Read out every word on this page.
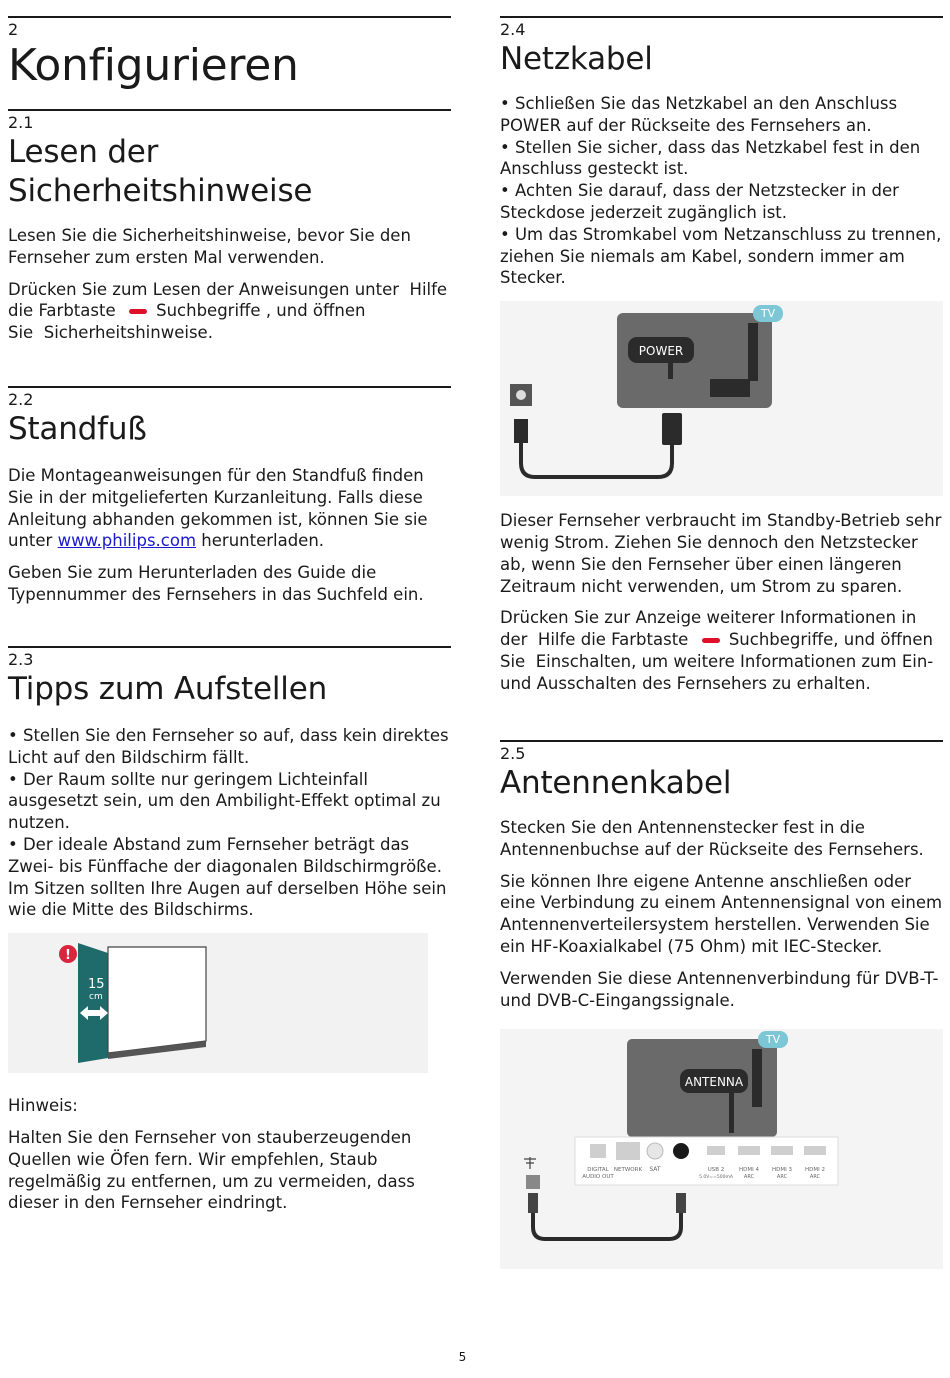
2
Konfigurieren
2.1
Lesen der
Sicherheitshinweise

Lesen Sie die Sicherheitshinweise, bevor Sie den Fernseher zum ersten Mal verwenden.

Drücken Sie zum Lesen der Anweisungen unter Hilfe die Farbtaste Suchbegriffe , und öffnen
Sie Sicherheitshinweise.

2.2
Standfuß

Die Montageanweisungen für den Standfuß finden Sie in der mitgelieferten Kurzanleitung. Falls diese Anleitung abhanden gekommen ist, können Sie sie unter www.philips.com herunterladen.

Geben Sie zum Herunterladen des Guide die Typennummer des Fernsehers in das Suchfeld ein.

2.3
Tipps zum Aufstellen

• Stellen Sie den Fernseher so auf, dass kein direktes Licht auf den Bildschirm fällt.

• Der Raum sollte nur geringem Lichteinfall ausgesetzt sein, um den Ambilight-Effekt optimal zu nutzen.

• Der ideale Abstand zum Fernseher beträgt das Zwei- bis Fünffache der diagonalen Bildschirmgröße. Im Sitzen sollten Ihre Augen auf derselben Höhe sein wie die Mitte des Bildschirms.

15
cm
!

Hinweis:

Halten Sie den Fernseher von stauberzeugenden Quellen wie Öfen fern. Wir empfehlen, Staub regelmäßig zu entfernen, um zu vermeiden, dass dieser in den Fernseher eindringt.

2.4
Netzkabel

• Schließen Sie das Netzkabel an den Anschluss
POWER auf der Rückseite des Fernsehers an.

• Stellen Sie sicher, dass das Netzkabel fest in den Anschluss gesteckt ist.

• Achten Sie darauf, dass der Netzstecker in der Steckdose jederzeit zugänglich ist.

• Um das Stromkabel vom Netzanschluss zu trennen, ziehen Sie niemals am Kabel, sondern immer am Stecker.

POWER
TV

Dieser Fernseher verbraucht im Standby-Betrieb sehr wenig Strom. Ziehen Sie dennoch den Netzstecker ab, wenn Sie den Fernseher über einen längeren Zeitraum nicht verwenden, um Strom zu sparen.

Drücken Sie zur Anzeige weiterer Informationen in der Hilfe die Farbtaste Suchbegriffe, und öffnen Sie Einschalten, um weitere Informationen zum Ein- und Ausschalten des Fernsehers zu erhalten.

2.5
Antennenkabel

Stecken Sie den Antennenstecker fest in die
Antennenbuchse auf der Rückseite des Fernsehers.

Sie können Ihre eigene Antenne anschließen oder eine Verbindung zu einem Antennensignal von einem Antennenverteilersystem herstellen. Verwenden Sie ein HF-Koaxialkabel (75 Ohm) mit IEC-Stecker.

Verwenden Sie diese Antennenverbindung für DVB-T- und DVB-C-Eingangssignale.

ANTENNA
TV
DIGITAL
AUDIO OUT
NETWORK SAT	USB 2
5.0V==500mA
HDMI 4
ARC
HDMI 3
ARC
HDMI 2
ARC
5
